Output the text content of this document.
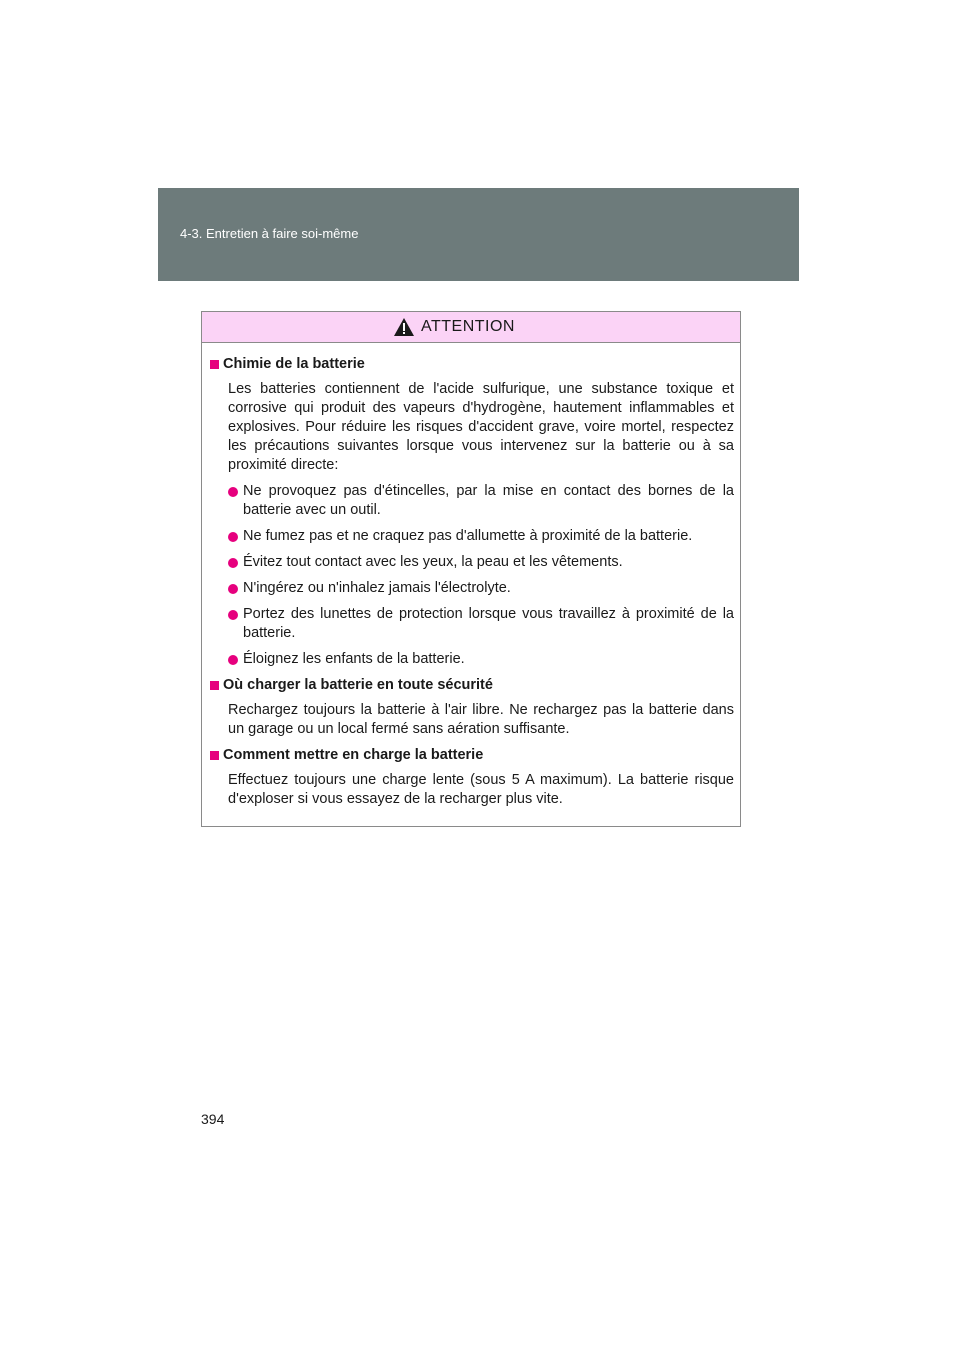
4-3. Entretien à faire soi-même
ATTENTION
Chimie de la batterie

Les batteries contiennent de l'acide sulfurique, une substance toxique et corrosive qui produit des vapeurs d'hydrogène, hautement inflammables et explosives. Pour réduire les risques d'accident grave, voire mortel, respectez les précautions suivantes lorsque vous intervenez sur la batterie ou à sa proximité directe:

Ne provoquez pas d'étincelles, par la mise en contact des bornes de la batterie avec un outil.
Ne fumez pas et ne craquez pas d'allumette à proximité de la batterie.
Évitez tout contact avec les yeux, la peau et les vêtements.
N'ingérez ou n'inhalez jamais l'électrolyte.
Portez des lunettes de protection lorsque vous travaillez à proximité de la batterie.
Éloignez les enfants de la batterie.
Où charger la batterie en toute sécurité

Rechargez toujours la batterie à l'air libre. Ne rechargez pas la batterie dans un garage ou un local fermé sans aération suffisante.

Comment mettre en charge la batterie

Effectuez toujours une charge lente (sous 5 A maximum). La batterie risque d'exploser si vous essayez de la recharger plus vite.

394
